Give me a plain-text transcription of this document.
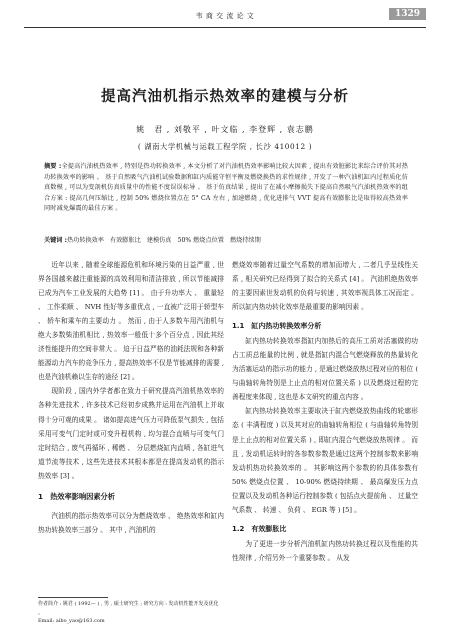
韦 商 交 流 论 文	1329
提高汽油机指示热效率的建模与分析
姚　君 , 刘敬平 , 叶文临 , 李登辉 , 袁志鹏
( 湖南大学机械与运载工程学院 , 长沙 410012 )
摘要 :全提高汽油机热效率 , 特别是热功转换效率 , 本文分析了对汽油机热效率影响比较大因素 , 提出有效脏影比来综合评价其对热功转换效率的影响 。 基于自然吸气汽油机试验数据和缸内质能守恒平衡及燃烧换热的求性规律 , 开发了一种汽油机缸内过程质化仿真数模 , 可以为变剖机仿真质量中的性能不度误误标导 。 基于仿真结果 , 提出了在减小摩擦损失下提高自然吸气汽油机热效率的组合方案 : 提高几何压缩比 , 控制 50% 燃烧位置点在 5° CA 左右 , 加速燃烧 , 优化进排气 VVT 提高有效膨胀比是取得较高热效率同时减免爆震的最佳方案 。
关键词 :热功转换效率　有效膨胀比　建模仿真　50% 燃烧点位置　燃烧持续期

近年以来 , 随着全球能源危机和环境污染的日益严重 , 世界各国越来越注重能源的高效利用和清洁排放 , 所以节能减排已成为汽车工业发展的大趋势 [1] 。 由于升功率大 、 重量轻 、 工作柔顺 、 NVH 性好等多重优点 , 一直被广泛用于轿型车 、 轿车和乘车的主要动力 。 然而 , 由于人多数车用汽油机与绝大多数柴油机相比 , 热效率一般低十多个百分点 , 因此其经济性能提升的空间非常大 。 迫于日益严格的油耗法规和各种新能源动力汽车的竞争压力 , 提高热效率不仅是节能减排的需要 , 也是汽油机赖以生存的途径 [2] 。

现阶段 , 国内外学者都在致力于研究提高汽油机热效率的各种先进技术 , 许多技术已经初步成熟并运用在汽油机上并取得十分可观的成果 。 诸如提高进气压力可降低泵气损失 , 包括采用可变气门定时或可变升程机构 , 均匀混合直喷与可变气门定时结合 , 废气再循环 , 稀燃 、 分层燃烧缸内直喷 , 各缸进气道节流等技术 , 这些先进技术其根本都是在提高发动机的指示热效率 [3] 。

1　热效率影响因素分析

汽油机的指示热效率可以分为燃烧效率 、 绝热效率和缸内热功转换效率三部分 。 其中 , 汽油机的

燃烧效率随着过量空气系数的增加而增大 , 二者几乎呈线性关系 , 相关研究已经得到了拟合的关系式 [4] 。 汽油机绝热效率的主要因素世发动机的负荷与转速 , 其效率视具体工况而定 。 所以缸内热功转化效率是最重要的影响因素 。

1.1　缸内热功转换效率分析

缸内热功转换效率指缸内加热后的高压工质对活塞做的功占工质总能量的比例 , 就是指缸内混合气燃烧释放的热量转化为活塞运动的指示功的能力 , 是通过燃烧放热过程对应的相位 ( 与曲轴转角特别是上止点的相对位置关系 ) 以及燃烧过程的完善程度来体现 , 这也是本文研究的重点内容 。

缸内热功转换效率主要取决于缸内燃烧放热曲线的轮廓形态 ( 丰满程度 ) 以及其对应的曲轴转角相位 ( 与曲轴转角特别是上止点的相对位置关系 ) , 即缸内混合气燃烧放热规律 。 而且 , 发动机运转时的各参数参数是通过这两个控制参数来影响发动机热功转换效率的 。 其影响这两个参数的的具体参数有 50% 燃烧点位置 、 10-90% 燃烧持续期 、 最高爆发压力点位置以及发动机各种运行控制参数 ( 包括点火提前角 、 过量空气系数 、 转速 、 负荷 、 EGR 等 ) [5] 。

1.2　有效膨胀比

为了更进一步分析汽油机缸内热功转换过程以及性能的共性规律 , 介绍另外一个重要参数 。 从发

作者简介 : 姚君 ( 1992— ) , 男 , 硕士研究生 ; 研究方向 : 发动机性能开发及优化 。
Email: aibo_yao@163.com
